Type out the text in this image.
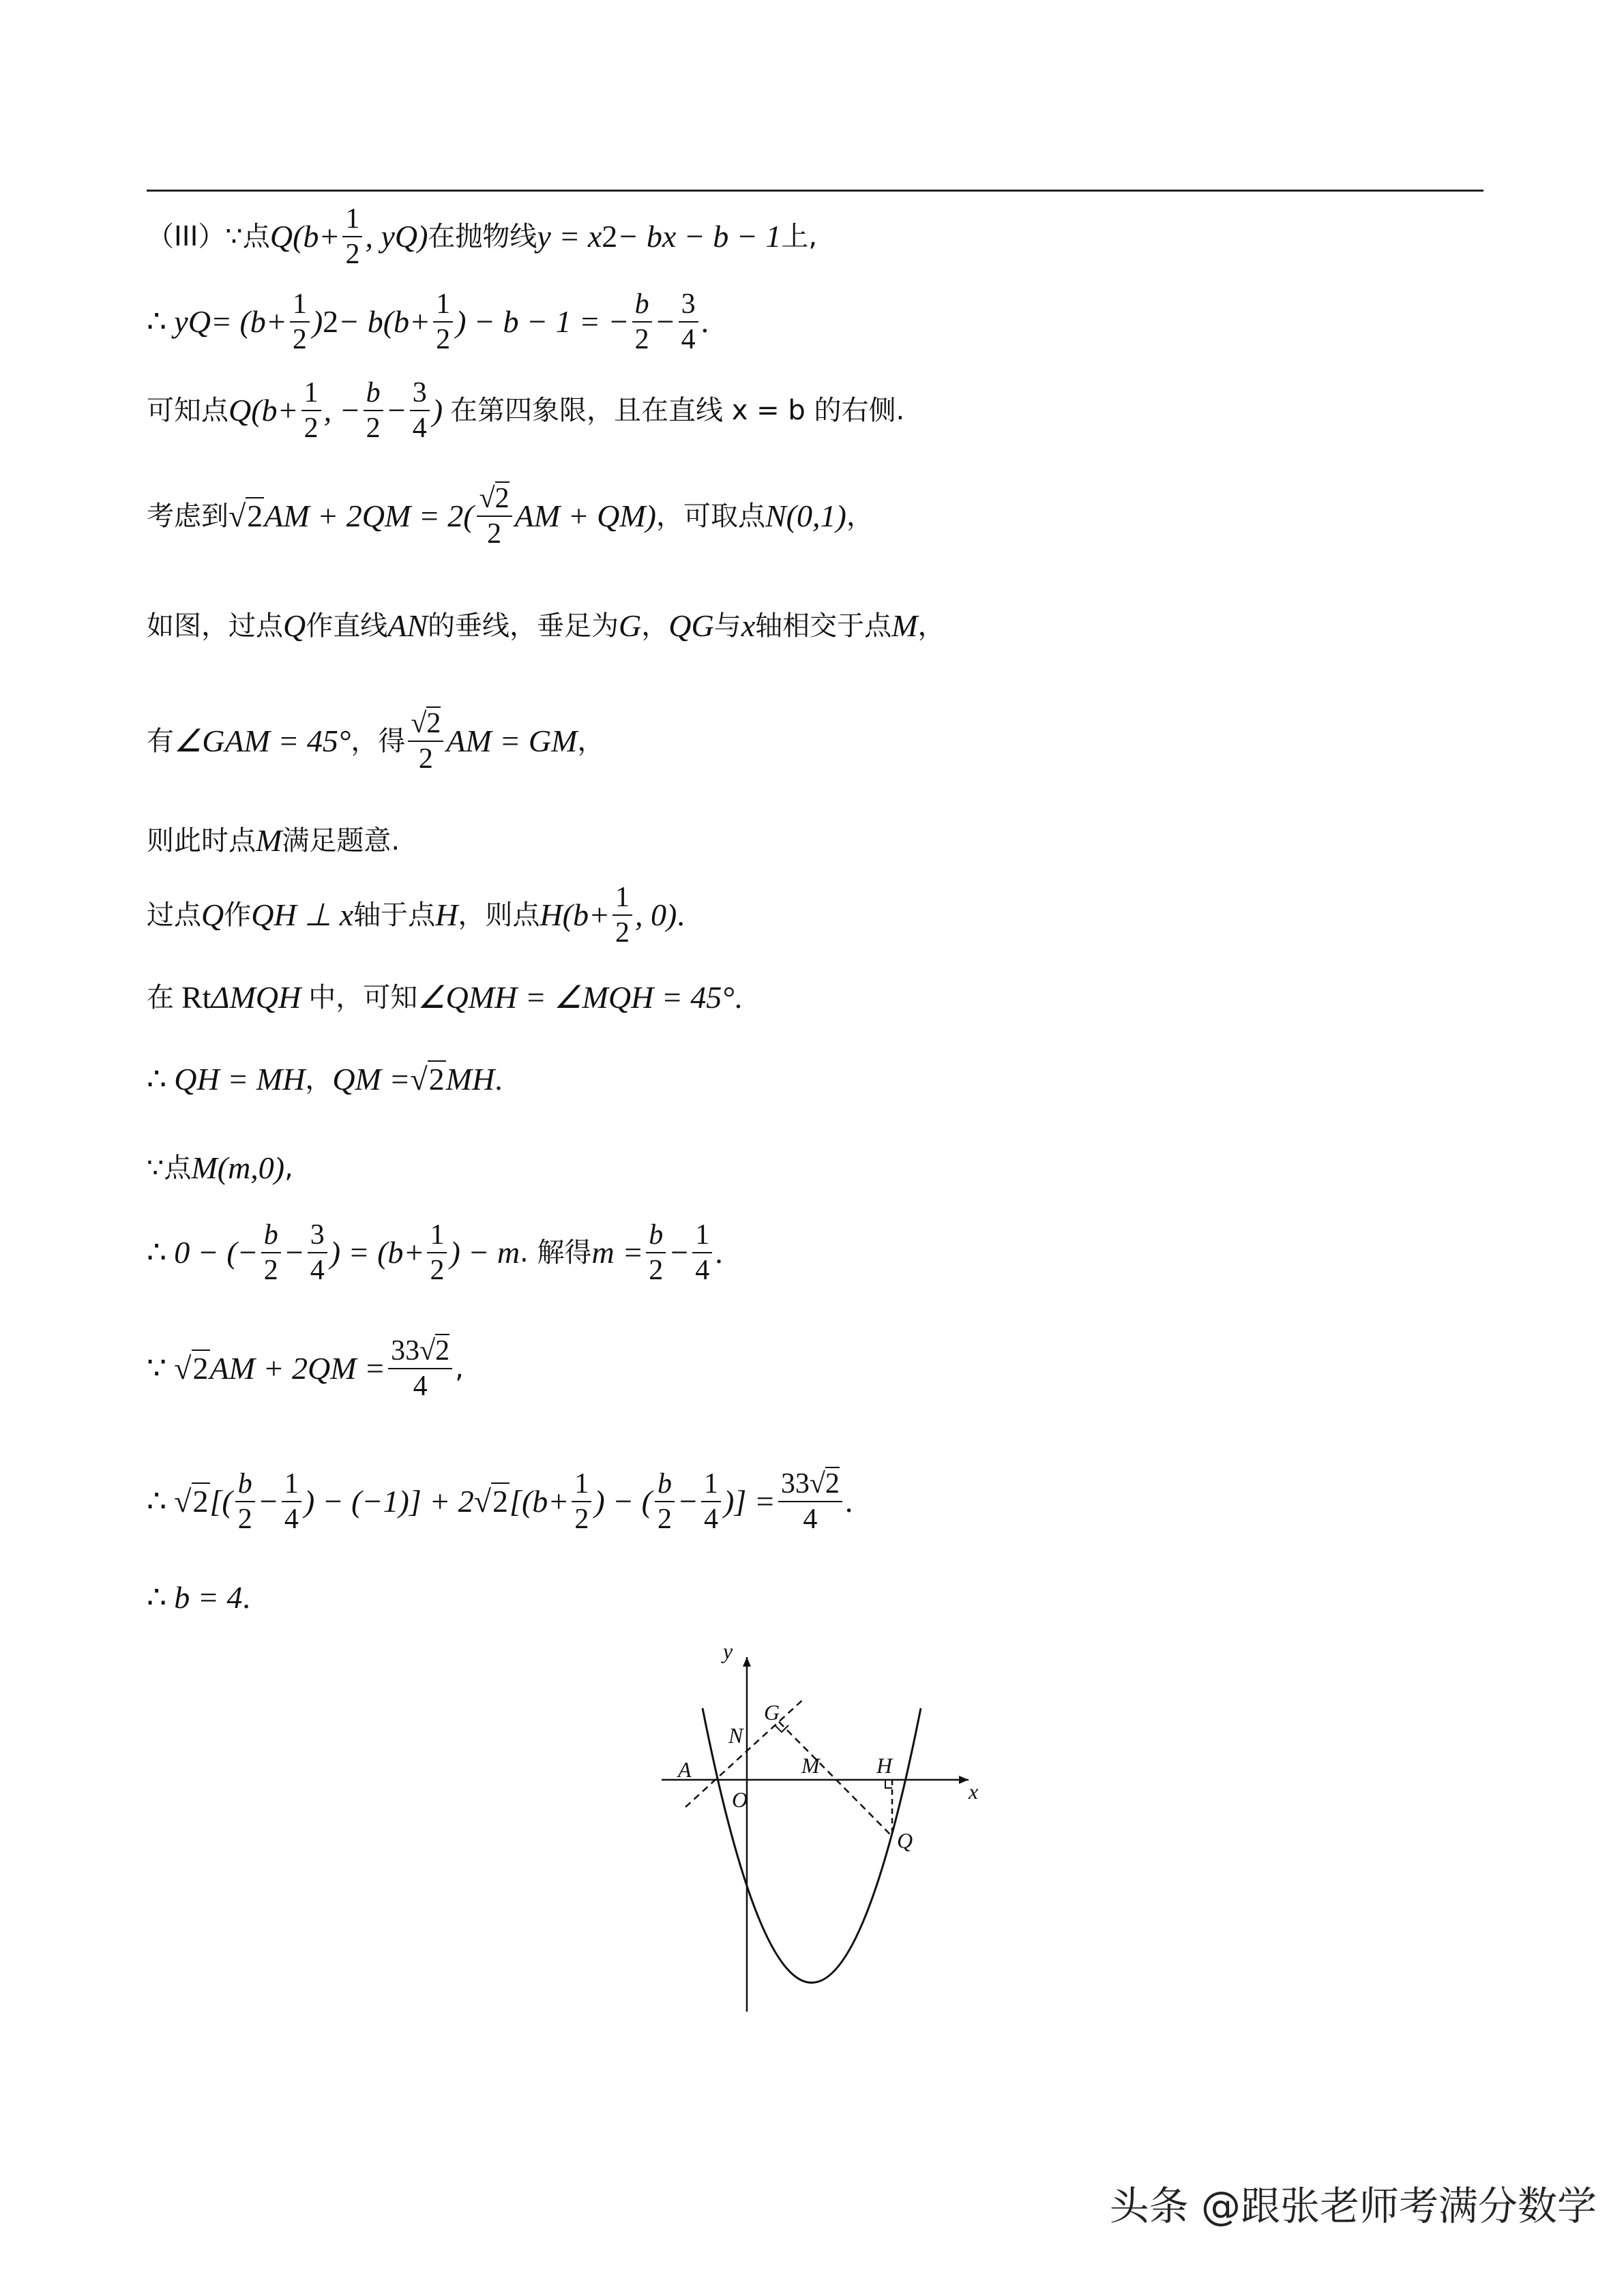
（III）∵点 $Q(b+ \frac{1}{2}$ , y Q ) 在抛物线 y = x 2 − bx − b − 1 上,
∴
y $Q = (b+ \frac{1}{2}$ ) $2 - b(b+ \frac{1}{2}$ ) − b − 1 = − $\frac{b}{2} - \frac{3}{4}$ .
可知点 $Q(b+ \frac{1}{2}$ , − $\frac{b}{2} - \frac{3}{4}$ )
在第四象限，且在直线 x = b 的右侧.
考虑到 √2 AM + $2QM = 2( \frac{√2}{2}$ AM + QM ) ，可取点 N(0,1) ，
如图，过点 Q 作直线 AN 的垂线，垂足为 G ， QG 与 x 轴相交于点 M ，
有 ∠GAM = 45° ，得 $\frac{√2}{2}$ AM = GM ，
则此时点 M 满足题意.
过点 Q 作 QH ⊥ x 轴于点 H ，则点 $H(b+ \frac{1}{2}$ , 0) .
在
Rt ΔMQH
中，可知 ∠QMH = ∠MQH = 45° .
∴
QH = MH ， QM = √2 MH .
∵点 M(m,0) ,
∴
0 − (− $\frac{b}{2} - \frac{3}{4}$ ) = ($b+ \frac{1}{2}$ ) − m . 解得 $m = \frac{b}{2} - \frac{1}{4}$ .
∵
√2 AM + $2QM = \frac{33√2}{4}$ ,
∴
√2 [( $\frac{b}{2} - \frac{1}{4}$ ) − (−1)] + 2 √2 [($b+ \frac{1}{2}$ ) − ( $\frac{b}{2} - \frac{1}{4}$ )] = $\frac{33√2}{4}$ .
∴
b = 4 .
y
x
O
A
N
G
M	H
Q
头条 @跟张老师考满分数学
